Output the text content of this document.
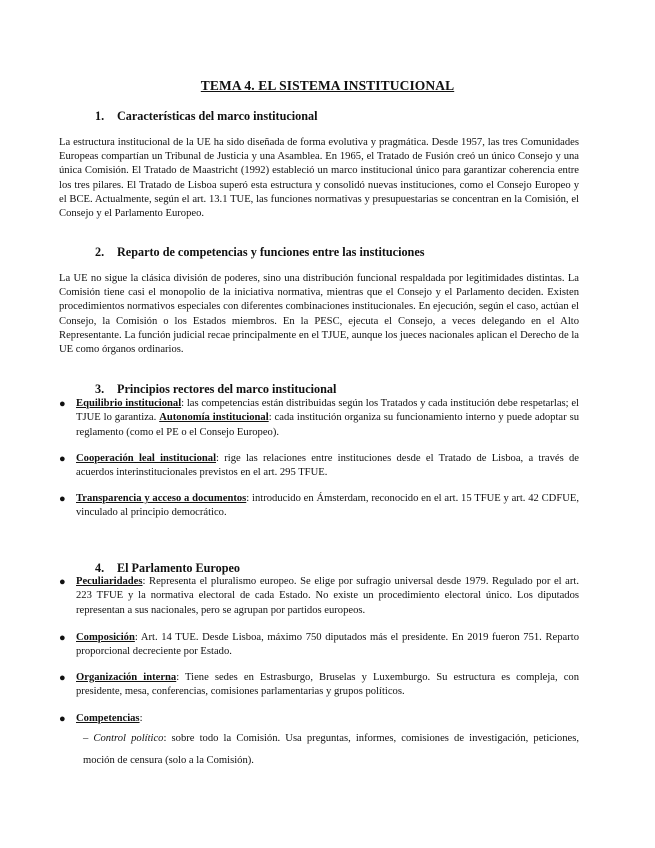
TEMA 4. EL SISTEMA INSTITUCIONAL
1. Características del marco institucional

La estructura institucional de la UE ha sido diseñada de forma evolutiva y pragmática. Desde 1957, las tres Comunidades Europeas compartían un Tribunal de Justicia y una Asamblea. En 1965, el Tratado de Fusión creó un único Consejo y una única Comisión. El Tratado de Maastricht (1992) estableció un marco institucional único para garantizar coherencia entre los tres pilares. El Tratado de Lisboa superó esta estructura y consolidó nuevas instituciones, como el Consejo Europeo y el BCE. Actualmente, según el art. 13.1 TUE, las funciones normativas y presupuestarias se concentran en la Comisión, el Consejo y el Parlamento Europeo.

2. Reparto de competencias y funciones entre las instituciones

La UE no sigue la clásica división de poderes, sino una distribución funcional respaldada por legitimidades distintas. La Comisión tiene casi el monopolio de la iniciativa normativa, mientras que el Consejo y el Parlamento deciden. Existen procedimientos normativos especiales con diferentes combinaciones institucionales. En ejecución, según el caso, actúan el Consejo, la Comisión o los Estados miembros. En la PESC, ejecuta el Consejo, a veces delegando en el Alto Representante. La función judicial recae principalmente en el TJUE, aunque los jueces nacionales aplican el Derecho de la UE como órganos ordinarios.

3. Principios rectores del marco institucional
● Equilibrio institucional: las competencias están distribuidas según los Tratados y cada institución debe respetarlas; el TJUE lo garantiza. Autonomía institucional: cada institución organiza su funcionamiento interno y puede adoptar su reglamento (como el PE o el Consejo Europeo).
● Cooperación leal institucional: rige las relaciones entre instituciones desde el Tratado de Lisboa, a través de acuerdos interinstitucionales previstos en el art. 295 TFUE.
● Transparencia y acceso a documentos: introducido en Ámsterdam, reconocido en el art. 15 TFUE y art. 42 CDFUE, vinculado al principio democrático.
4. El Parlamento Europeo
● Peculiaridades: Representa el pluralismo europeo. Se elige por sufragio universal desde 1979. Regulado por el art. 223 TFUE y la normativa electoral de cada Estado. No existe un procedimiento electoral único. Los diputados representan a sus nacionales, pero se agrupan por partidos europeos.
● Composición: Art. 14 TUE. Desde Lisboa, máximo 750 diputados más el presidente. En 2019 fueron 751. Reparto proporcional decreciente por Estado.
● Organización interna: Tiene sedes en Estrasburgo, Bruselas y Luxemburgo. Su estructura es compleja, con presidente, mesa, conferencias, comisiones parlamentarias y grupos políticos.
● Competencias:
– Control político: sobre todo la Comisión. Usa preguntas, informes, comisiones de investigación, peticiones, moción de censura (solo a la Comisión).
